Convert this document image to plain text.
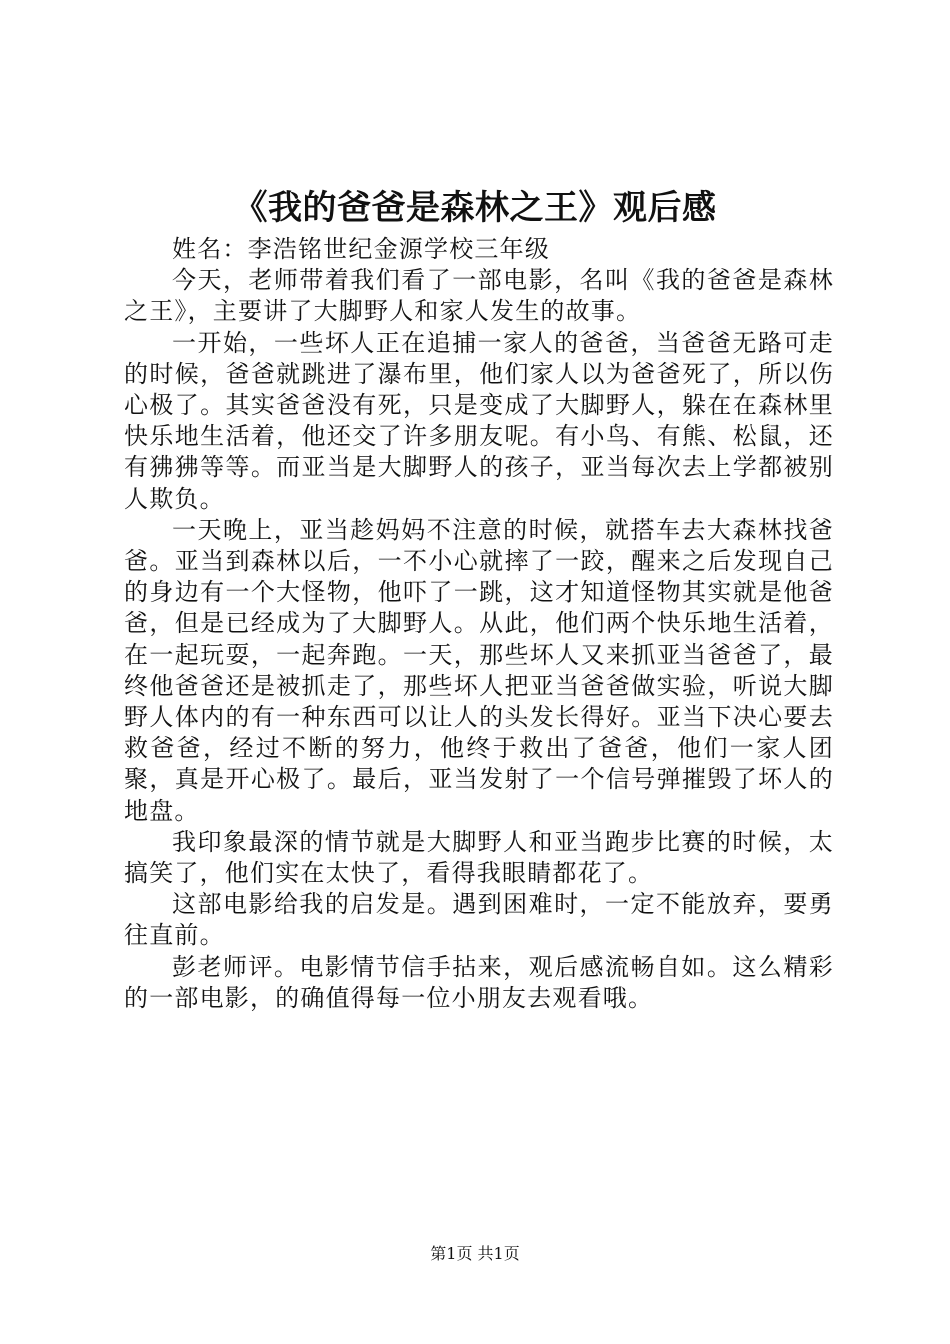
《我的爸爸是森林之王》观后感

姓名：李浩铭世纪金源学校三年级

今天，老师带着我们看了一部电影，名叫《我的爸爸是森林之王》，主要讲了大脚野人和家人发生的故事。

一开始，一些坏人正在追捕一家人的爸爸，当爸爸无路可走的时候，爸爸就跳进了瀑布里，他们家人以为爸爸死了，所以伤心极了。其实爸爸没有死，只是变成了大脚野人，躲在在森林里快乐地生活着，他还交了许多朋友呢。有小鸟、有熊、松鼠，还有狒狒等等。而亚当是大脚野人的孩子，亚当每次去上学都被别人欺负。

一天晚上，亚当趁妈妈不注意的时候，就搭车去大森林找爸爸。亚当到森林以后，一不小心就摔了一跤，醒来之后发现自己的身边有一个大怪物，他吓了一跳，这才知道怪物其实就是他爸爸，但是已经成为了大脚野人。从此，他们两个快乐地生活着，在一起玩耍，一起奔跑。一天，那些坏人又来抓亚当爸爸了，最终他爸爸还是被抓走了，那些坏人把亚当爸爸做实验，听说大脚野人体内的有一种东西可以让人的头发长得好。亚当下决心要去救爸爸，经过不断的努力，他终于救出了爸爸，他们一家人团聚，真是开心极了。最后，亚当发射了一个信号弹摧毁了坏人的地盘。

我印象最深的情节就是大脚野人和亚当跑步比赛的时候，太搞笑了，他们实在太快了，看得我眼睛都花了。

这部电影给我的启发是。遇到困难时，一定不能放弃，要勇往直前。

彭老师评。电影情节信手拈来，观后感流畅自如。这么精彩的一部电影，的确值得每一位小朋友去观看哦。

第1页 共1页
